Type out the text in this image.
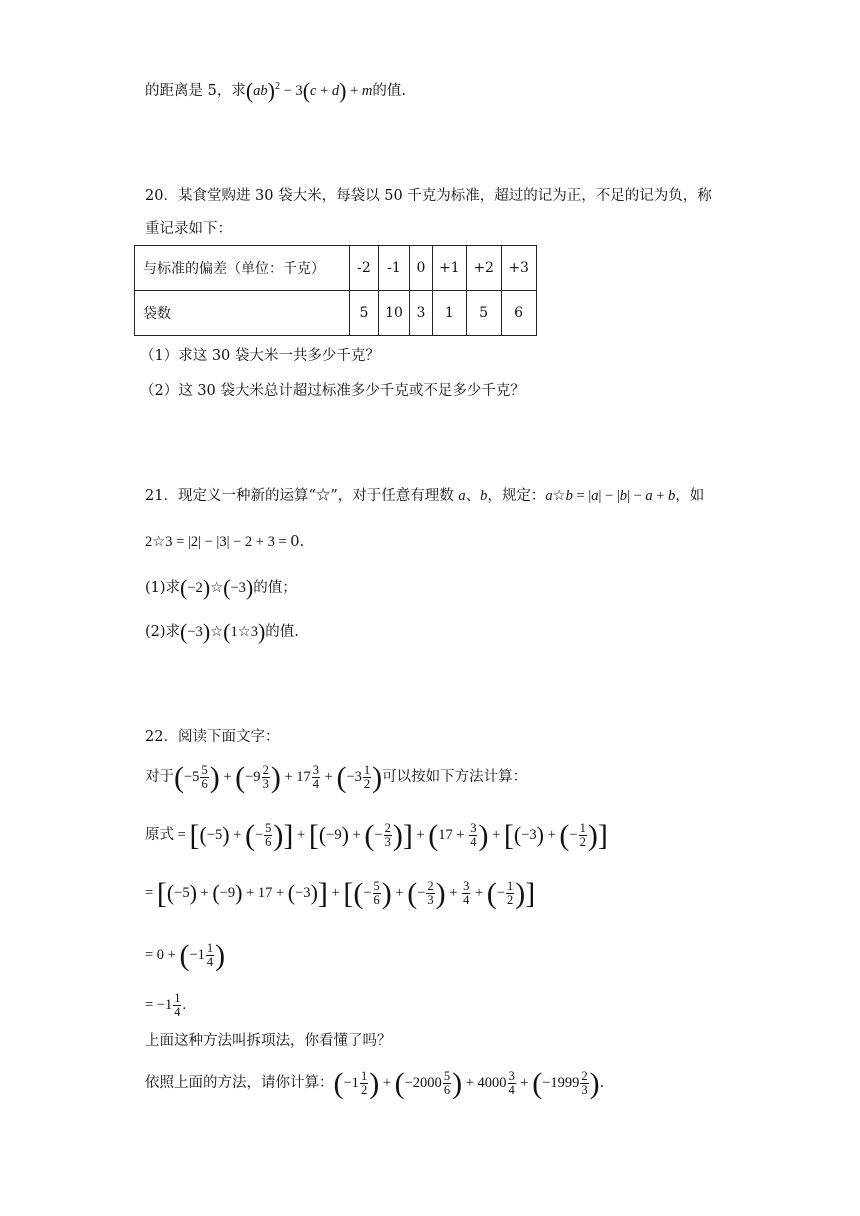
的距离是 5，求(ab)$^2$ − 3(c + d) + m的值.
20．某食堂购进 30 袋大米，每袋以 50 千克为标准，超过的记为正，不足的记为负，称
重记录如下：
与标准的偏差（单位：千克）	-2	-1	0	+1	+2	+3
袋数	5	10	3	1	5	6
（1）求这 30 袋大米一共多少千克？
（2）这 30 袋大米总计超过标准多少千克或不足多少千克？
21．现定义一种新的运算“☆”，对于任意有理数 a、b，规定：a☆b = |a| − |b| − a + b，如
2☆3 = |2| − |3| − 2 + 3 = 0.
(1)求(−2)☆(−3)的值；
(2)求(−3)☆(1☆3)的值.
22．阅读下面文字：
对于($-5 \frac{5}{6}$ ) + ($-9 \frac{2}{3}$ ) + $17 \frac{3}{4} + (-3 \frac{1}{2}$ )可以按如下方法计算：
原式 = [(−5) + (− $\frac{5}{6}$ )] + [(−9) + (− $\frac{2}{3}$ )] + ($17 + \frac{3}{4}$ ) + [(−3) + (− $\frac{1}{2}$ )]
= [(−5) + (−9) + 17 + (−3)] + [(− $\frac{5}{6}$ ) + (− $\frac{2}{3}$ ) + $\frac{3}{4}$ + (− $\frac{1}{2}$ )]
= $0 + (-1 \frac{1}{4}$ )
= $-1 \frac{1}{4}$ .
上面这种方法叫拆项法，你看懂了吗？
依照上面的方法，请你计算：($-1 \frac{1}{2}$ ) + ($-2000 \frac{5}{6}$ ) + $4000 \frac{3}{4} + (-1999 \frac{2}{3}$ ).
